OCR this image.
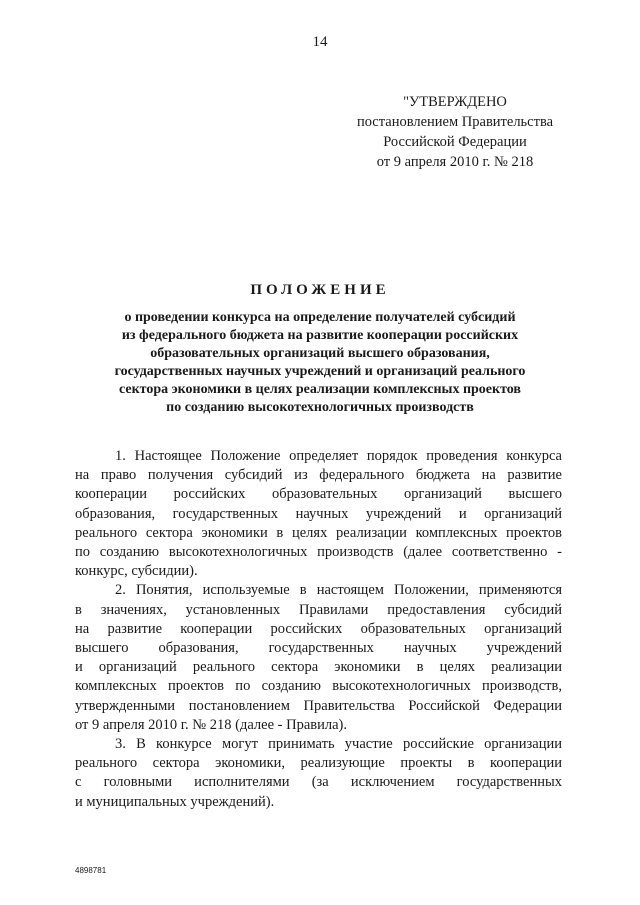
14
"УТВЕРЖДЕНО
постановлением Правительства
Российской Федерации
от 9 апреля 2010 г. № 218
ПОЛОЖЕНИЕ

о проведении конкурса на определение получателей субсидий
из федерального бюджета на развитие кооперации российских
образовательных организаций высшего образования,
государственных научных учреждений и организаций реального
сектора экономики в целях реализации комплексных проектов
по созданию высокотехнологичных производств

1. Настоящее Положение определяет порядок проведения конкурса
на право получения субсидий из федерального бюджета на развитие
кооперации российских образовательных организаций высшего
образования, государственных научных учреждений и организаций
реального сектора экономики в целях реализации комплексных проектов
по созданию высокотехнологичных производств (далее соответственно -
конкурс, субсидии).

2. Понятия, используемые в настоящем Положении, применяются
в значениях, установленных Правилами предоставления субсидий
на развитие кооперации российских образовательных организаций
высшего образования, государственных научных учреждений
и организаций реального сектора экономики в целях реализации
комплексных проектов по созданию высокотехнологичных производств,
утвержденными постановлением Правительства Российской Федерации
от 9 апреля 2010 г. № 218 (далее - Правила).

3. В конкурсе могут принимать участие российские организации
реального сектора экономики, реализующие проекты в кооперации
с головными исполнителями (за исключением государственных
и муниципальных учреждений).

4898781
